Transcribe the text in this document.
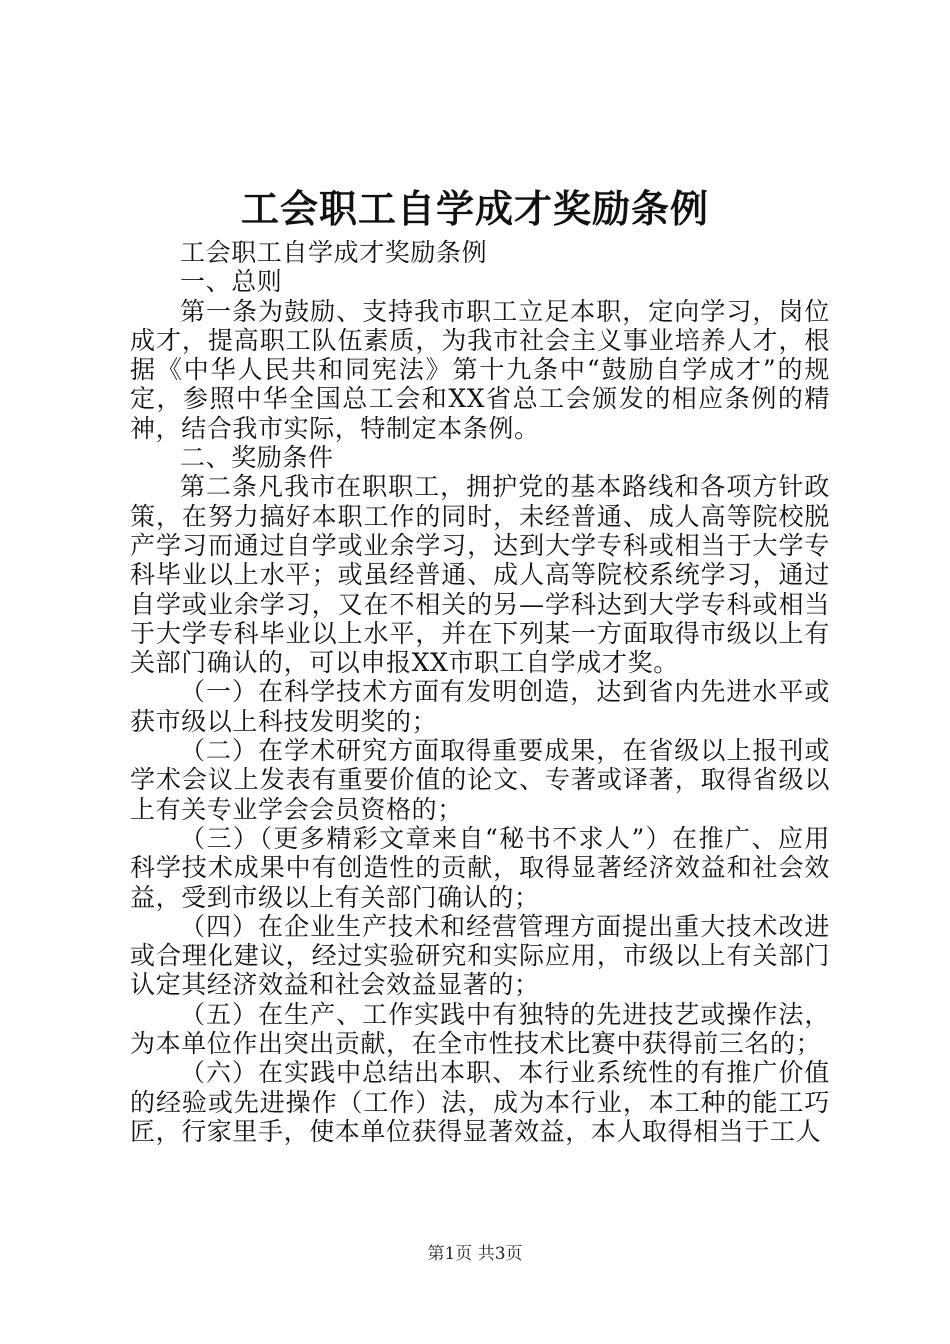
工会职工自学成才奖励条例

工会职工自学成才奖励条例

一、总则

第一条为鼓励、支持我市职工立足本职，定向学习，岗位成才，提高职工队伍素质，为我市社会主义事业培养人才，根据《中华人民共和同宪法》第十九条中“鼓励自学成才”的规定，参照中华全国总工会和XX省总工会颁发的相应条例的精神，结合我市实际，特制定本条例。

二、奖励条件

第二条凡我市在职职工，拥护党的基本路线和各项方针政策，在努力搞好本职工作的同时，未经普通、成人高等院校脱产学习而通过自学或业余学习，达到大学专科或相当于大学专科毕业以上水平；或虽经普通、成人高等院校系统学习，通过自学或业余学习，又在不相关的另—学科达到大学专科或相当于大学专科毕业以上水平，并在下列某一方面取得市级以上有关部门确认的，可以申报XX市职工自学成才奖。

（一）在科学技术方面有发明创造，达到省内先进水平或获市级以上科技发明奖的；

（二）在学术研究方面取得重要成果，在省级以上报刊或学术会议上发表有重要价值的论文、专著或译著，取得省级以上有关专业学会会员资格的；

（三）（更多精彩文章来自“秘书不求人”）在推广、应用科学技术成果中有创造性的贡献，取得显著经济效益和社会效益，受到市级以上有关部门确认的；

（四）在企业生产技术和经营管理方面提出重大技术改进或合理化建议，经过实验研究和实际应用，市级以上有关部门认定其经济效益和社会效益显著的；

（五）在生产、工作实践中有独特的先进技艺或操作法，为本单位作出突出贡献，在全市性技术比赛中获得前三名的；

（六）在实践中总结出本职、本行业系统性的有推广价值的经验或先进操作（工作）法，成为本行业，本工种的能工巧匠，行家里手，使本单位获得显著效益，本人取得相当于工人

第1页 共3页
